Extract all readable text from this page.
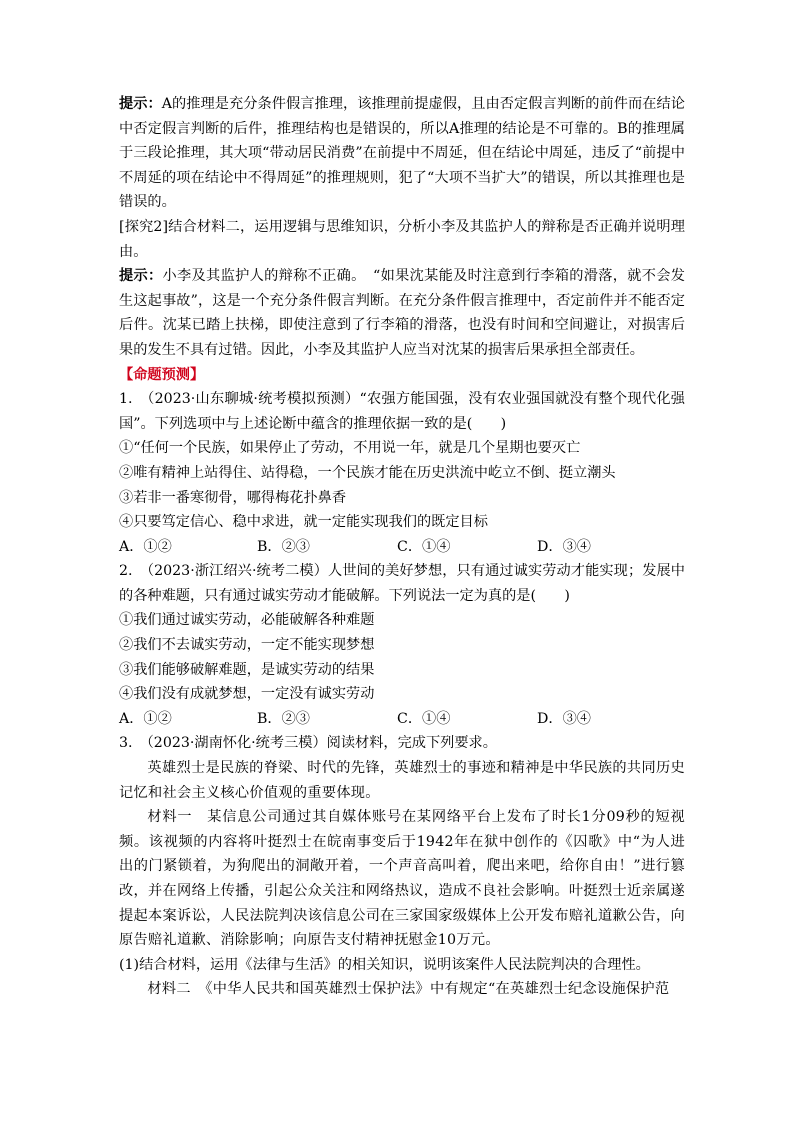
提示：A的推理是充分条件假言推理，该推理前提虚假，且由否定假言判断的前件而在结论中否定假言判断的后件，推理结构也是错误的，所以A推理的结论是不可靠的。B的推理属于三段论推理，其大项“带动居民消费”在前提中不周延，但在结论中周延，违反了“前提中不周延的项在结论中不得周延”的推理规则，犯了“大项不当扩大”的错误，所以其推理也是错误的。

[探究2]结合材料二，运用逻辑与思维知识，分析小李及其监护人的辩称是否正确并说明理由。

提示：小李及其监护人的辩称不正确。　“如果沈某能及时注意到行李箱的滑落，就不会发生这起事故”，这是一个充分条件假言判断。在充分条件假言推理中，否定前件并不能否定后件。沈某已踏上扶梯，即使注意到了行李箱的滑落，也没有时间和空间避让，对损害后果的发生不具有过错。因此，小李及其监护人应当对沈某的损害后果承担全部责任。

【命题预测】

1.　（2023·山东聊城·统考模拟预测）“农强方能国强，没有农业强国就没有整个现代化强国”。下列选项中与上述论断中蕴含的推理依据一致的是(　　)

①“任何一个民族，如果停止了劳动，不用说一年，就是几个星期也要灭亡

②唯有精神上站得住、站得稳，一个民族才能在历史洪流中屹立不倒、挺立潮头

③若非一番寒彻骨，哪得梅花扑鼻香

④只要笃定信心、稳中求进，就一定能实现我们的既定目标

A．①②	B．②③	C．①④	D．③④

2.　（2023·浙江绍兴·统考二模）人世间的美好梦想，只有通过诚实劳动才能实现；发展中的各种难题，只有通过诚实劳动才能破解。下列说法一定为真的是(　　)

①我们通过诚实劳动，必能破解各种难题

②我们不去诚实劳动，一定不能实现梦想

③我们能够破解难题，是诚实劳动的结果

④我们没有成就梦想，一定没有诚实劳动

A．①②	B．②③	C．①④	D．③④

3.　（2023·湖南怀化·统考三模）阅读材料，完成下列要求。

英雄烈士是民族的脊梁、时代的先锋，英雄烈士的事迹和精神是中华民族的共同历史记忆和社会主义核心价值观的重要体现。

材料一　某信息公司通过其自媒体账号在某网络平台上发布了时长1分09秒的短视频。该视频的内容将叶挺烈士在皖南事变后于1942年在狱中创作的《囚歌》中“为人进出的门紧锁着，为狗爬出的洞敞开着，一个声音高叫着，爬出来吧，给你自由！”进行篡改，并在网络上传播，引起公众关注和网络热议，造成不良社会影响。叶挺烈士近亲属遂提起本案诉讼，人民法院判决该信息公司在三家国家级媒体上公开发布赔礼道歉公告，向原告赔礼道歉、消除影响；向原告支付精神抚慰金10万元。

(1)结合材料，运用《法律与生活》的相关知识，说明该案件人民法院判决的合理性。

材料二　《中华人民共和国英雄烈士保护法》中有规定“在英雄烈士纪念设施保护范
